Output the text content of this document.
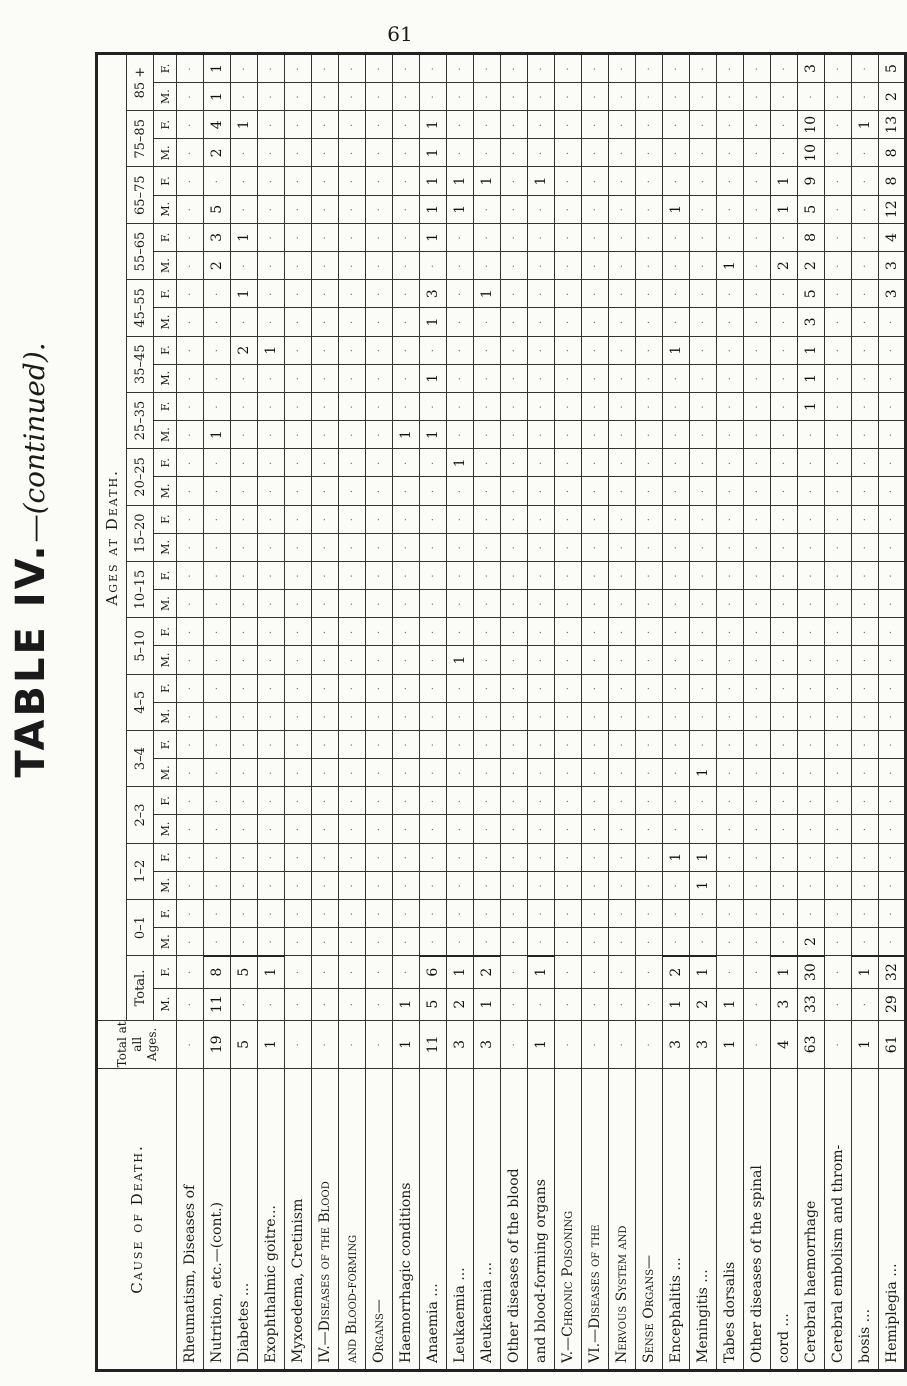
61
TABLE IV.—(continued).
Cause of Death.	Total at all Ages.	Ages at Death.																																	
		Total.		0–1		1–2		2–3		3–4		4–5		5–10		10–15		15–20		20–25		25–35		35–45		45–55		55–65		65–75		75–85		85 +	
		M.	F.	M.	F.	M.	F.	M.	F.	M.	F.	M.	F.	M.	F.	M.	F.	M.	F.	M.	F.	M.	F.	M.	F.	M.	F.	M.	F.	M.	F.	M.	F.	M.	F.
Rheumatism, Diseases of	·	·	·	·	·	·	·	·	·	·	·	·	·	·	·	·	·	·	·	·	·	·	·	·	·	·	·	·	·	·	·	·	·	·	·
Nutrition, etc.—(cont.)	19	11	8	·	·	·	·	·	·	·	·	·	·	·	·	·	·	·	·	·	·	1	·	·	·	·	·	2	3	5	·	2	4	1	1
Diabetes ...	5	·	5	·	·	·	·	·	·	·	·	·	·	·	·	·	·	·	·	·	·	·	·	·	2	·	1	·	1	·	·	·	1	·	·
Exophthalmic goitre...	1	·	1	·	·	·	·	·	·	·	·	·	·	·	·	·	·	·	·	·	·	·	·	·	1	·	·	·	·	·	·	·	·	·	·
Myxoedema, Cretinism	·	·	·	·	·	·	·	·	·	·	·	·	·	·	·	·	·	·	·	·	·	·	·	·	·	·	·	·	·	·	·	·	·	·	·
IV.—Diseases of the Blood	·	·	·	·	·	·	·	·	·	·	·	·	·	·	·	·	·	·	·	·	·	·	·	·	·	·	·	·	·	·	·	·	·	·	·
and Blood-forming	·	·	·	·	·	·	·	·	·	·	·	·	·	·	·	·	·	·	·	·	·	·	·	·	·	·	·	·	·	·	·	·	·	·	·
Organs—	·	·	·	·	·	·	·	·	·	·	·	·	·	·	·	·	·	·	·	·	·	·	·	·	·	·	·	·	·	·	·	·	·	·	·
Haemorrhagic conditions	1	1	·	·	·	·	·	·	·	·	·	·	·	·	·	·	·	·	·	·	·	1	·	·	·	·	·	·	·	·	·	·	·	·	·
Anaemia ...	11	5	6	·	·	·	·	·	·	·	·	·	·	·	·	·	·	·	·	·	·	1	·	1	·	1	3	·	1	1	1	1	1	·	·
Leukaemia ...	3	2	1	·	·	·	·	·	·	·	·	·	·	1	·	·	·	·	·	·	1	·	·	·	·	·	·	·	·	1	1	·	·	·	·
Aleukaemia ...	3	1	2	·	·	·	·	·	·	·	·	·	·	·	·	·	·	·	·	·	·	·	·	·	·	·	1	·	·	·	1	·	·	·	·
Other diseases of the blood	·	·	·	·	·	·	·	·	·	·	·	·	·	·	·	·	·	·	·	·	·	·	·	·	·	·	·	·	·	·	·	·	·	·	·
and blood-forming organs	1	·	1	·	·	·	·	·	·	·	·	·	·	·	·	·	·	·	·	·	·	·	·	·	·	·	·	·	·	·	1	·	·	·	·
V.—Chronic Poisoning	·	·	·	·	·	·	·	·	·	·	·	·	·	·	·	·	·	·	·	·	·	·	·	·	·	·	·	·	·	·	·	·	·	·	·
VI.—Diseases of the	·	·	·	·	·	·	·	·	·	·	·	·	·	·	·	·	·	·	·	·	·	·	·	·	·	·	·	·	·	·	·	·	·	·	·
Nervous System and	·	·	·	·	·	·	·	·	·	·	·	·	·	·	·	·	·	·	·	·	·	·	·	·	·	·	·	·	·	·	·	·	·	·	·
Sense Organs—	·	·	·	·	·	·	·	·	·	·	·	·	·	·	·	·	·	·	·	·	·	·	·	·	·	·	·	·	·	·	·	·	·	·	·
Encephalitis ...	3	1	2	·	·	·	1	·	·	·	·	·	·	·	·	·	·	·	·	·	·	·	·	·	1	·	·	·	·	1	·	·	·	·	·
Meningitis ...	3	2	1	·	·	1	1	·	·	1	·	·	·	·	·	·	·	·	·	·	·	·	·	·	·	·	·	·	·	·	·	·	·	·	·
Tabes dorsalis	1	1	·	·	·	·	·	·	·	·	·	·	·	·	·	·	·	·	·	·	·	·	·	·	·	·	·	1	·	·	·	·	·	·	·
Other diseases of the spinal	·	·	·	·	·	·	·	·	·	·	·	·	·	·	·	·	·	·	·	·	·	·	·	·	·	·	·	·	·	·	·	·	·	·	·
cord ...	4	3	1	·	·	·	·	·	·	·	·	·	·	·	·	·	·	·	·	·	·	·	·	·	·	·	·	2	·	1	1	·	·	·	·
Cerebral haemorrhage	63	33	30	2	·	·	·	·	·	·	·	·	·	·	·	·	·	·	·	·	·	·	1	1	1	3	5	2	8	5	9	10	10	·	3
Cerebral embolism and throm-	·	·	·	·	·	·	·	·	·	·	·	·	·	·	·	·	·	·	·	·	·	·	·	·	·	·	·	·	·	·	·	·	·	·	·
bosis ...	1	·	1	·	·	·	·	·	·	·	·	·	·	·	·	·	·	·	·	·	·	·	·	·	·	·	·	·	·	·	·	·	1	·	·
Hemiplegia ...	61	29	32	·	·	·	·	·	·	·	·	·	·	·	·	·	·	·	·	·	·	·	·	·	·	·	3	3	4	12	8	8	13	2	5
